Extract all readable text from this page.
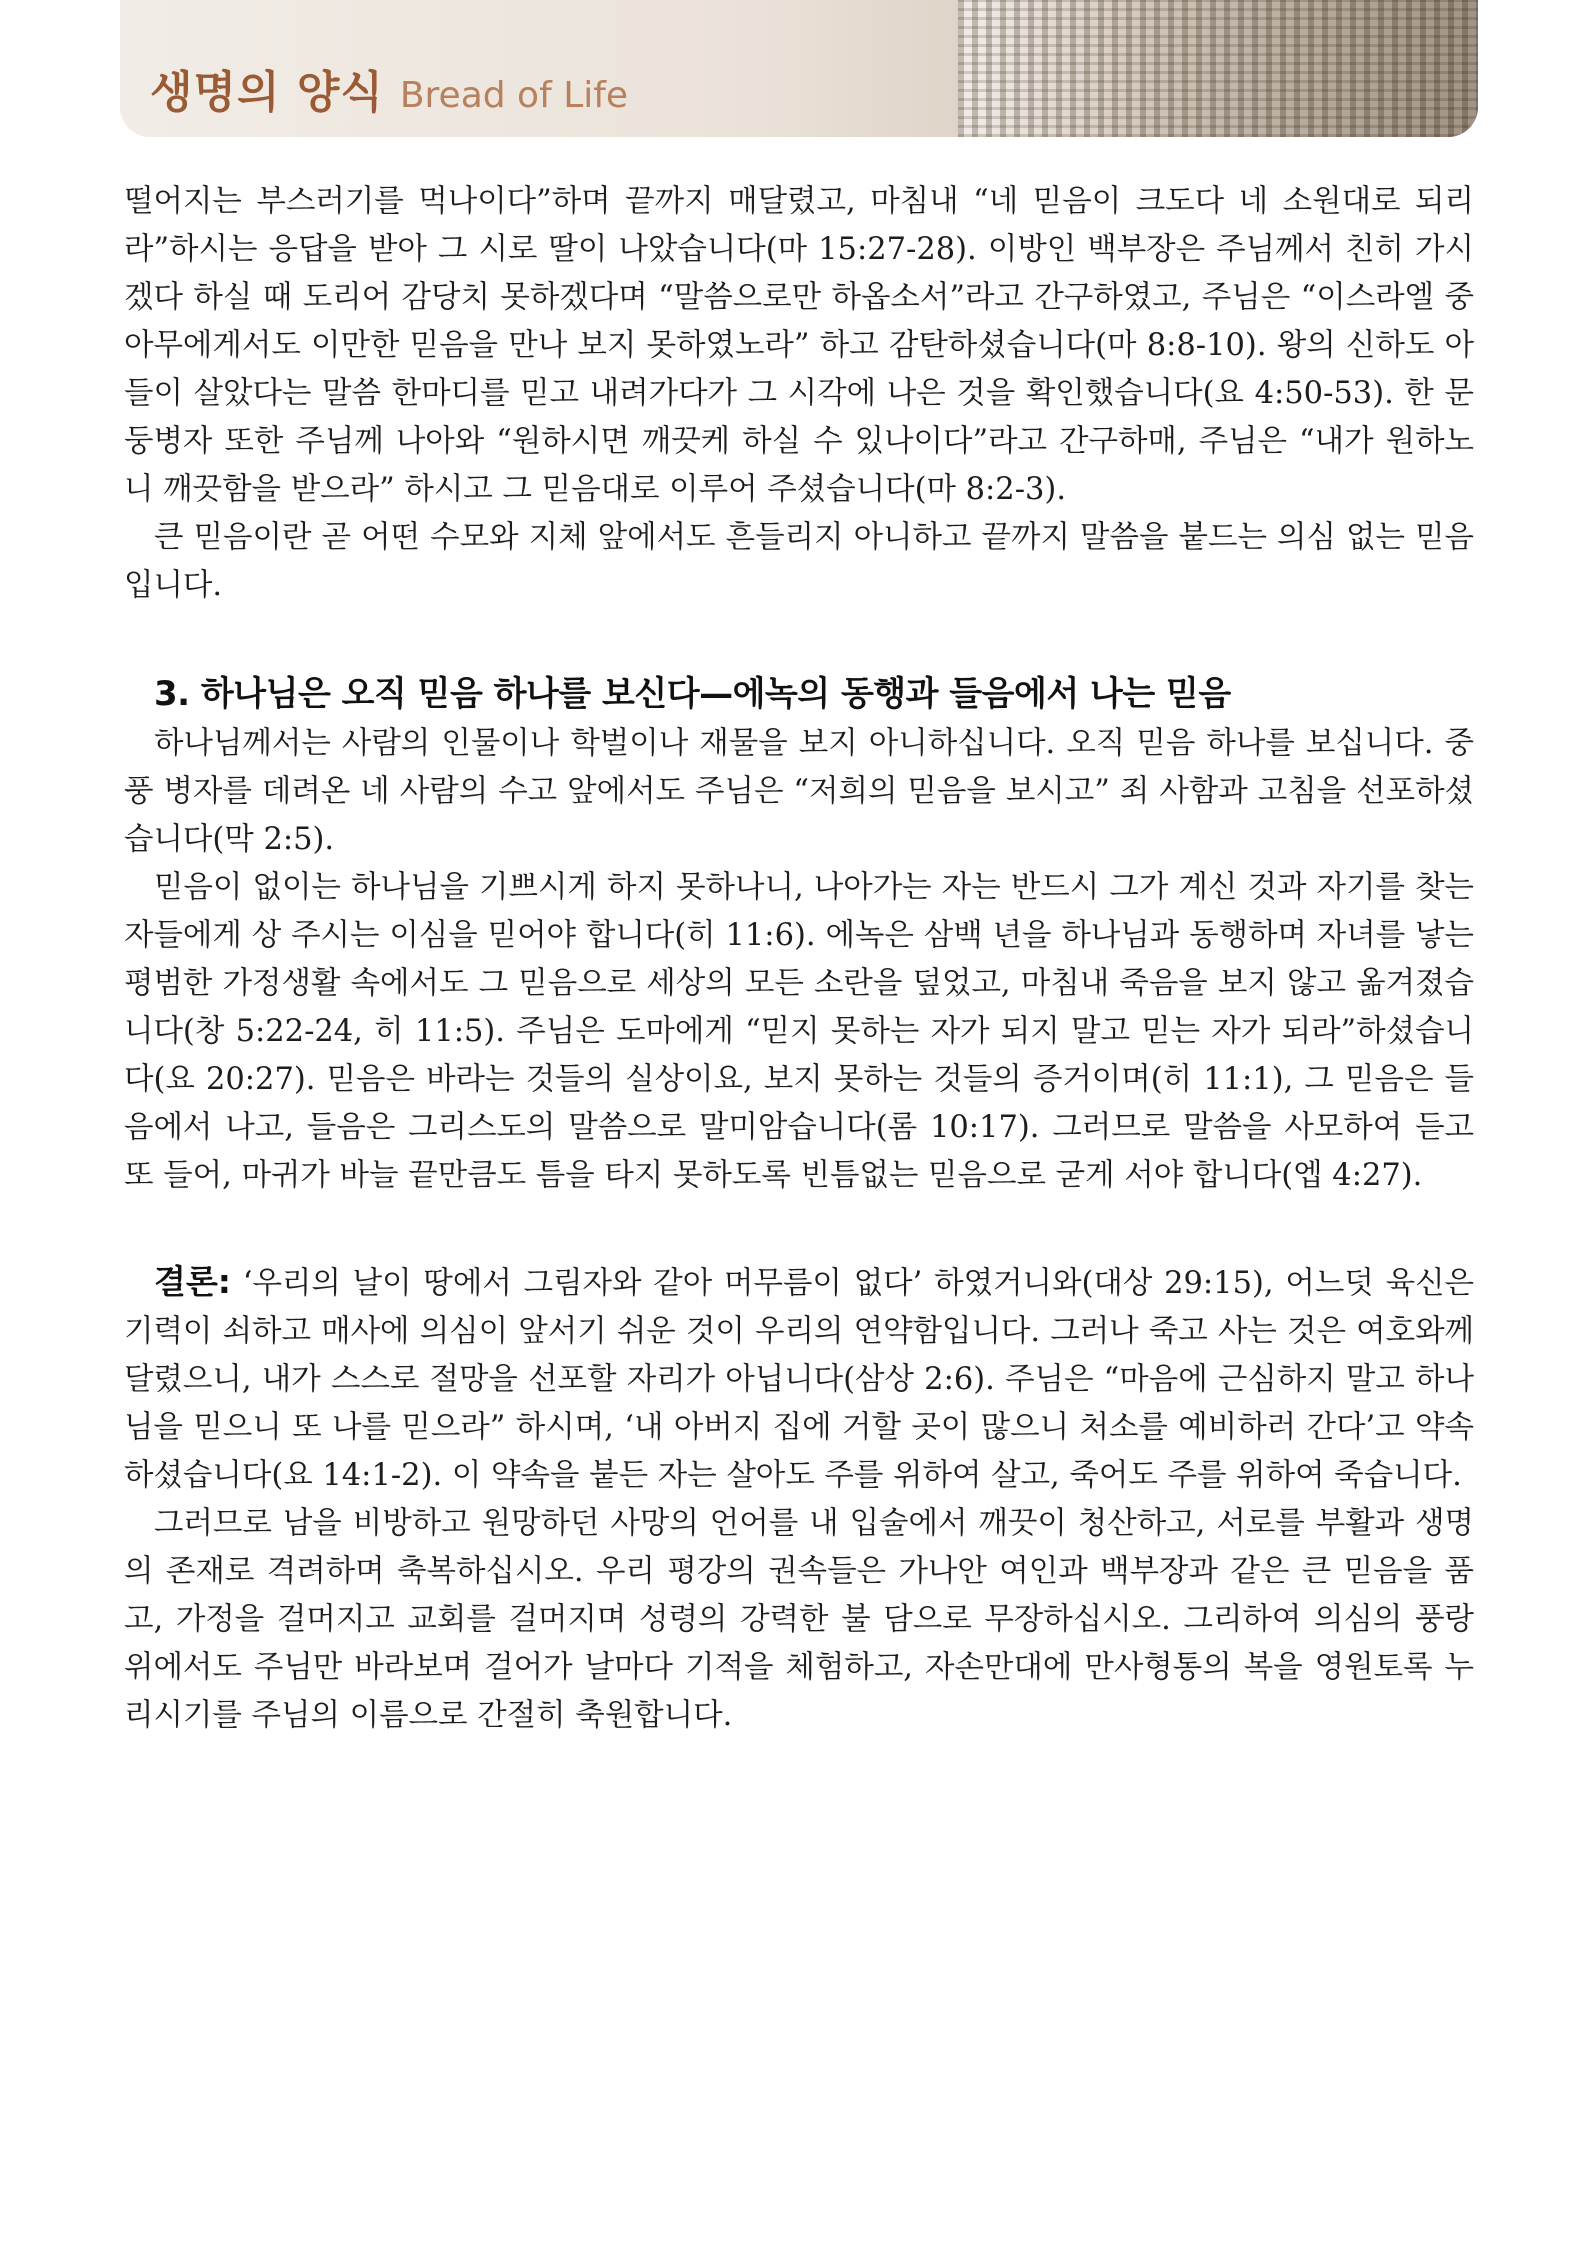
생명의 양식 Bread of Life

떨어지는 부스러기를 먹나이다”하며 끝까지 매달렸고, 마침내 “네 믿음이 크도다 네 소원대로 되리라”하시는 응답을 받아 그 시로 딸이 나았습니다(마 15:27-28). 이방인 백부장은 주님께서 친히 가시겠다 하실 때 도리어 감당치 못하겠다며 “말씀으로만 하옵소서”라고 간구하였고, 주님은 “이스라엘 중 아무에게서도 이만한 믿음을 만나 보지 못하였노라” 하고 감탄하셨습니다(마 8:8-10). 왕의 신하도 아들이 살았다는 말씀 한마디를 믿고 내려가다가 그 시각에 나은 것을 확인했습니다(요 4:50-53). 한 문둥병자 또한 주님께 나아와 “원하시면 깨끗케 하실 수 있나이다”라고 간구하매, 주님은 “내가 원하노니 깨끗함을 받으라” 하시고 그 믿음대로 이루어 주셨습니다(마 8:2-3).

큰 믿음이란 곧 어떤 수모와 지체 앞에서도 흔들리지 아니하고 끝까지 말씀을 붙드는 의심 없는 믿음입니다.

3. 하나님은 오직 믿음 하나를 보신다—에녹의 동행과 들음에서 나는 믿음

하나님께서는 사람의 인물이나 학벌이나 재물을 보지 아니하십니다. 오직 믿음 하나를 보십니다. 중풍 병자를 데려온 네 사람의 수고 앞에서도 주님은 “저희의 믿음을 보시고” 죄 사함과 고침을 선포하셨습니다(막 2:5).

믿음이 없이는 하나님을 기쁘시게 하지 못하나니, 나아가는 자는 반드시 그가 계신 것과 자기를 찾는 자들에게 상 주시는 이심을 믿어야 합니다(히 11:6). 에녹은 삼백 년을 하나님과 동행하며 자녀를 낳는 평범한 가정생활 속에서도 그 믿음으로 세상의 모든 소란을 덮었고, 마침내 죽음을 보지 않고 옮겨졌습니다(창 5:22-24, 히 11:5). 주님은 도마에게 “믿지 못하는 자가 되지 말고 믿는 자가 되라”하셨습니다(요 20:27). 믿음은 바라는 것들의 실상이요, 보지 못하는 것들의 증거이며(히 11:1), 그 믿음은 들음에서 나고, 들음은 그리스도의 말씀으로 말미암습니다(롬 10:17). 그러므로 말씀을 사모하여 듣고 또 들어, 마귀가 바늘 끝만큼도 틈을 타지 못하도록 빈틈없는 믿음으로 굳게 서야 합니다(엡 4:27).

결론: ‘우리의 날이 땅에서 그림자와 같아 머무름이 없다’ 하였거니와(대상 29:15), 어느덧 육신은 기력이 쇠하고 매사에 의심이 앞서기 쉬운 것이 우리의 연약함입니다. 그러나 죽고 사는 것은 여호와께 달렸으니, 내가 스스로 절망을 선포할 자리가 아닙니다(삼상 2:6). 주님은 “마음에 근심하지 말고 하나님을 믿으니 또 나를 믿으라” 하시며, ‘내 아버지 집에 거할 곳이 많으니 처소를 예비하러 간다’고 약속하셨습니다(요 14:1-2). 이 약속을 붙든 자는 살아도 주를 위하여 살고, 죽어도 주를 위하여 죽습니다.

그러므로 남을 비방하고 원망하던 사망의 언어를 내 입술에서 깨끗이 청산하고, 서로를 부활과 생명의 존재로 격려하며 축복하십시오. 우리 평강의 권속들은 가나안 여인과 백부장과 같은 큰 믿음을 품고, 가정을 걸머지고 교회를 걸머지며 성령의 강력한 불 담으로 무장하십시오. 그리하여 의심의 풍랑 위에서도 주님만 바라보며 걸어가 날마다 기적을 체험하고, 자손만대에 만사형통의 복을 영원토록 누리시기를 주님의 이름으로 간절히 축원합니다.
